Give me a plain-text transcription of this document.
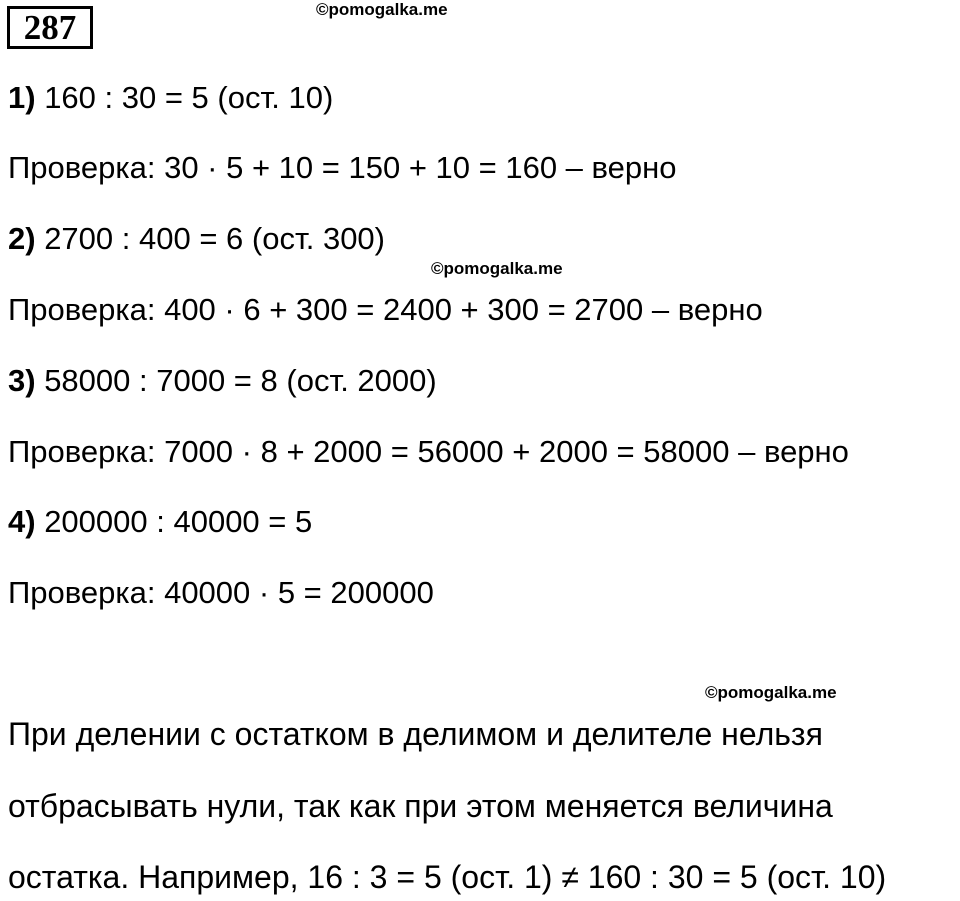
287	©pomogalka.me
©pomogalka.me
©pomogalka.me
1) 160 : 30 = 5 (ост. 10)
Проверка: 30 · 5 + 10 = 150 + 10 = 160 – верно
2) 2700 : 400 = 6 (ост. 300)
Проверка: 400 · 6 + 300 = 2400 + 300 = 2700 – верно
3) 58000 : 7000 = 8 (ост. 2000)
Проверка: 7000 · 8 + 2000 = 56000 + 2000 = 58000 – верно
4) 200000 : 40000 = 5
Проверка: 40000 · 5 = 200000
При делении с остатком в делимом и делителе нельзя
отбрасывать нули, так как при этом меняется величина
остатка. Например, 16 : 3 = 5 (ост. 1) ≠ 160 : 30 = 5 (ост. 10)
